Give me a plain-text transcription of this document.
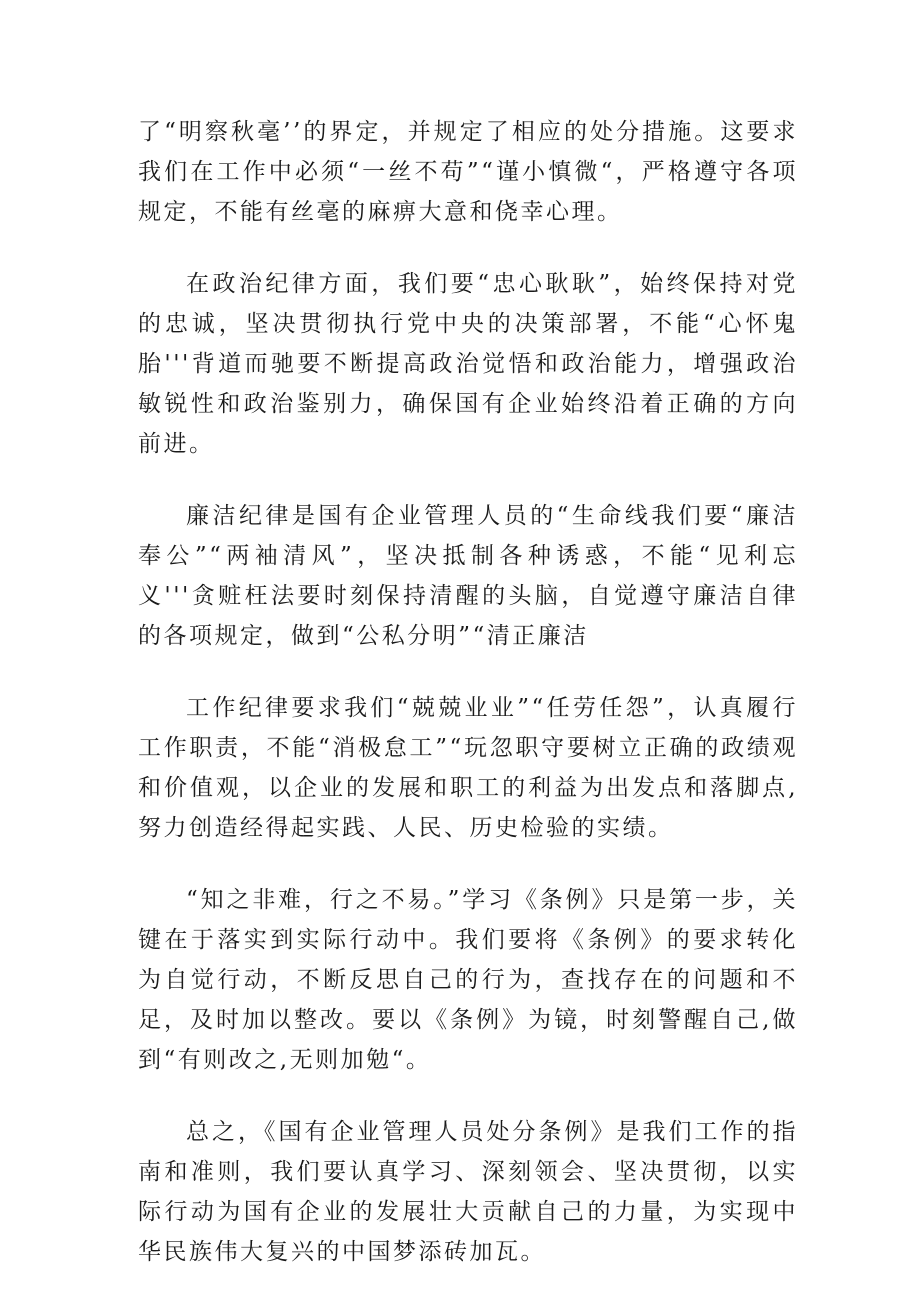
了“明察秋毫’’的界定，并规定了相应的处分措施。这要求我们在工作中必须“一丝不苟”“谨小慎微“，严格遵守各项规定，不能有丝毫的麻痹大意和侥幸心理。

在政治纪律方面，我们要“忠心耿耿”，始终保持对党的忠诚，坚决贯彻执行党中央的决策部署，不能“心怀鬼胎'''背道而驰要不断提高政治觉悟和政治能力，增强政治敏锐性和政治鉴别力，确保国有企业始终沿着正确的方向前进。

廉洁纪律是国有企业管理人员的“生命线我们要“廉洁奉公”“两袖清风”，坚决抵制各种诱惑，不能“见利忘义'''贪赃枉法要时刻保持清醒的头脑，自觉遵守廉洁自律的各项规定，做到“公私分明”“清正廉洁

工作纪律要求我们“兢兢业业”“任劳任怨”，认真履行工作职责，不能“消极怠工”“玩忽职守要树立正确的政绩观和价值观，以企业的发展和职工的利益为出发点和落脚点,努力创造经得起实践、人民、历史检验的实绩。

“知之非难，行之不易。”学习《条例》只是第一步，关键在于落实到实际行动中。我们要将《条例》的要求转化为自觉行动，不断反思自己的行为，查找存在的问题和不足，及时加以整改。要以《条例》为镜，时刻警醒自己,做到“有则改之,无则加勉“。

总之，《国有企业管理人员处分条例》是我们工作的指南和准则，我们要认真学习、深刻领会、坚决贯彻，以实际行动为国有企业的发展壮大贡献自己的力量，为实现中华民族伟大复兴的中国梦添砖加瓦。
